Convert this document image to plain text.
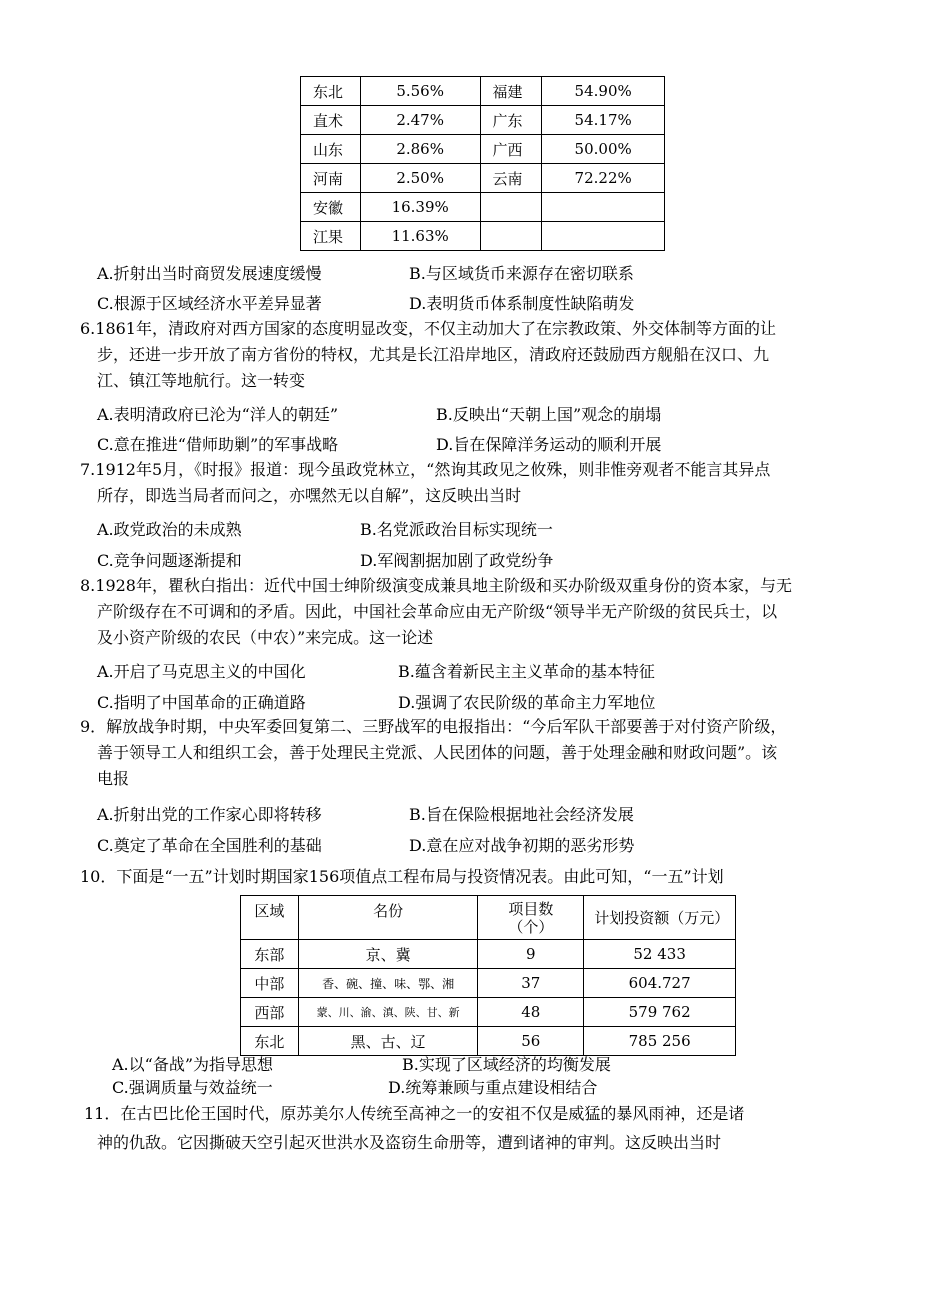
东北	5.56%	福建	54.90%
直术	2.47%	广东	54.17%
山东	2.86%	广西	50.00%
河南	2.50%	云南	72.22%
安徽	16.39%		
江果	11.63%		
A.折射出当时商贸发展速度缓慢	B.与区域货币来源存在密切联系
C.根源于区域经济水平差异显著	D.表明货币体系制度性缺陷萌发
6.1861年，清政府对西方国家的态度明显改变，不仅主动加大了在宗教政策、外交体制等方面的让
步，还进一步开放了南方省份的特权，尤其是长江沿岸地区，清政府还鼓励西方舰船在汉口、九
江、镇江等地航行。这一转变
A.表明清政府已沦为“洋人的朝廷”	B.反映出“天朝上国”观念的崩塌
C.意在推进“借师助剿”的军事战略	D.旨在保障洋务运动的顺利开展
7.1912年5月，《时报》报道：现今虽政党林立，“然询其政见之攸殊，则非惟旁观者不能言其异点
所存，即选当局者而问之，亦嘿然无以自解”，这反映出当时
A.政党政治的未成熟	B.名党派政治目标实现统一
C.竞争问题逐渐提和	D.军阀割据加剧了政党纷争
8.1928年，瞿秋白指出：近代中国士绅阶级演变成兼具地主阶级和买办阶级双重身份的资本家，与无
产阶级存在不可调和的矛盾。因此，中国社会革命应由无产阶级“领导半无产阶级的贫民兵士，以
及小资产阶级的农民（中农）”来完成。这一论述
A.开启了马克思主义的中国化	B.蕴含着新民主主义革命的基本特征
C.指明了中国革命的正确道路	D.强调了农民阶级的革命主力军地位
9．解放战争时期，中央军委回复第二、三野战军的电报指出：“今后军队干部要善于对付资产阶级，
善于领导工人和组织工会，善于处理民主党派、人民团体的问题，善于处理金融和财政问题”。该
电报
A.折射出党的工作家心即将转移	B.旨在保险根据地社会经济发展
C.奠定了革命在全国胜利的基础	D.意在应对战争初期的恶劣形势
10．下面是“一五”计划时期国家156项值点工程布局与投资情况表。由此可知，“一五”计划
区域	名份	项目数（个）	计划投资额（万元）
东部	京、冀	9	52 433
中部	香、碗、撞、味、鄂、湘	37	604.727
西部	蒙、川、渝、滇、陕、甘、新	48	579 762
东北	黑、古、辽	56	785 256
A.以“备战”为指导思想	B.实现了区域经济的均衡发展
C.强调质量与效益统一	D.统筹兼顾与重点建设相结合
11．在古巴比伦王国时代，原苏美尔人传统至高神之一的安祖不仅是威猛的暴风雨神，还是诸
神的仇敌。它因撕破天空引起灭世洪水及盗窃生命册等，遭到诸神的审判。这反映出当时
